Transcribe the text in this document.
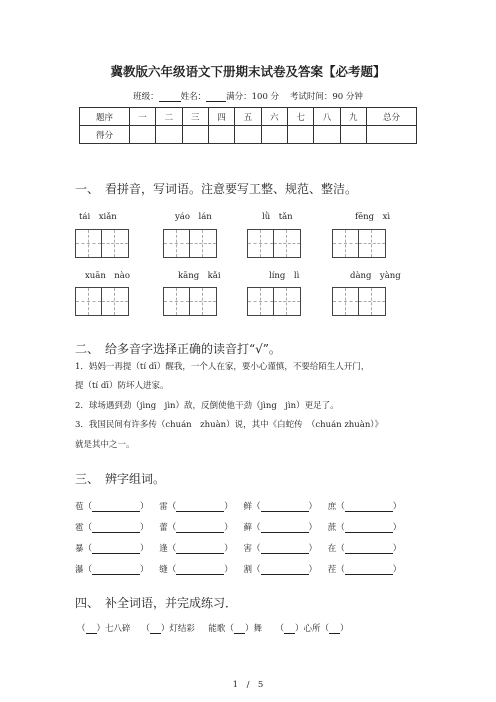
冀教版六年级语文下册期末试卷及答案【必考题】
班级：	姓名： 满分：100 分 考试时间：90 分钟
题序	一	二	三	四	五	六	七	八	九	总分
得分										
一、　看拼音，写词语。注意要写工整、规范、整洁。
tái　xiǎn	yáo　lán	lǜ　tǎn	fēng　xì
xuān　nào	kāng　kǎi	líng　lì	dàng　yàng
二、　给多音字选择正确的读音打“√”。
1．妈妈一再提（tí dī）醒我，一个人在家，要小心谨慎，不要给陌生人开门，
提（tí dī）防坏人进家。
2．球场遇到劲（jìng　jìn）敌，反倒使他干劲（jìng　jìn）更足了。
3．我国民间有许多传（chuán　zhuàn）说，其中《白蛇传　（chuán zhuàn）》
就是其中之一。
三、　辨字组词。
苞（	） 雷（	） 鲜（	） 庶（	）
雹（	） 蕾（	） 藓（	） 蔗（	）
暴（	） 逢（	） 害（	） 在（	）
瀑（	） 缝（	） 割（	） 茬（	）
四、　补全词语，并完成练习．
（ ）七八碎    （ ）灯结彩 能歌（ ）舞     （ ）心所（ ）
1　/　5
